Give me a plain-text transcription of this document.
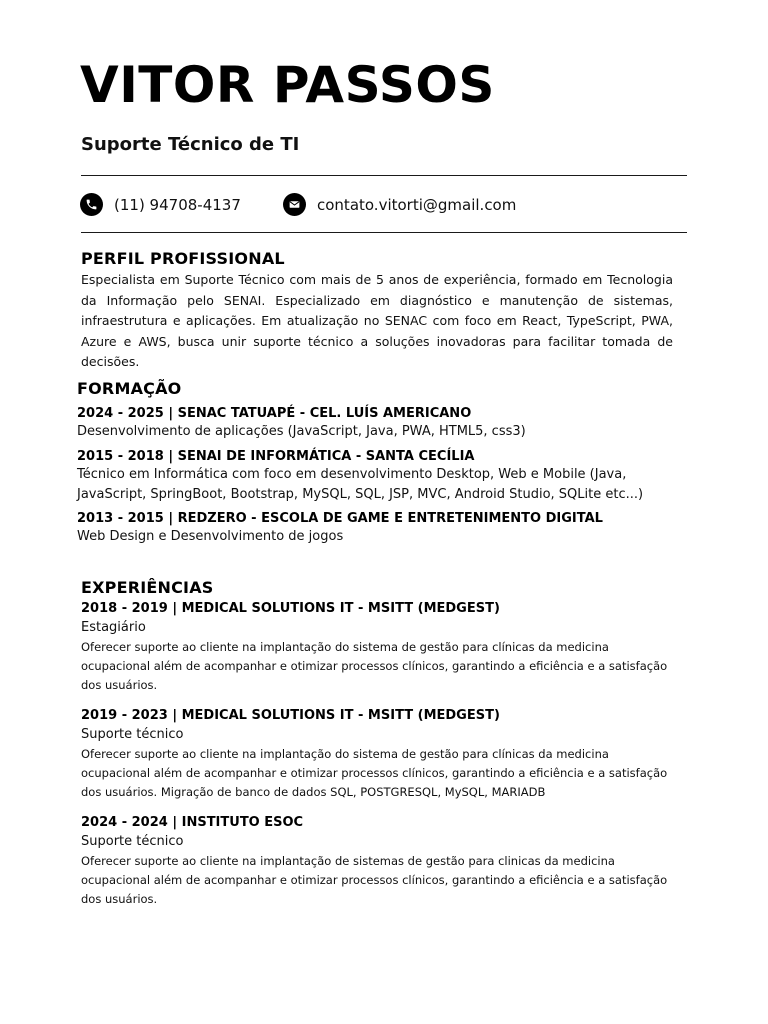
VITOR PASSOS
Suporte Técnico de TI
(11) 94708-4137	contato.vitorti@gmail.com
PERFIL PROFISSIONAL
Especialista em Suporte Técnico com mais de 5 anos de experiência, formado em Tecnologia da Informação pelo SENAI. Especializado em diagnóstico e manutenção de sistemas, infraestrutura e aplicações. Em atualização no SENAC com foco em React, TypeScript, PWA, Azure e AWS, busca unir suporte técnico a soluções inovadoras para facilitar tomada de decisões.
FORMAÇÃO
2024 - 2025 | SENAC TATUAPÉ - CEL. LUÍS AMERICANO
Desenvolvimento de aplicações (JavaScript, Java, PWA, HTML5, css3)
2015 - 2018 | SENAI DE INFORMÁTICA - SANTA CECÍLIA
Técnico em Informática com foco em desenvolvimento Desktop, Web e Mobile (Java, JavaScript, SpringBoot, Bootstrap, MySQL, SQL, JSP, MVC, Android Studio, SQLite etc...)
2013 - 2015 | REDZERO - ESCOLA DE GAME E ENTRETENIMENTO DIGITAL
Web Design e Desenvolvimento de jogos
EXPERIÊNCIAS
2018 - 2019 | MEDICAL SOLUTIONS IT - MSITT (MEDGEST)
Estagiário
Oferecer suporte ao cliente na implantação do sistema de gestão para clínicas da medicina ocupacional além de acompanhar e otimizar processos clínicos, garantindo a eficiência e a satisfação dos usuários.
2019 - 2023 | MEDICAL SOLUTIONS IT - MSITT (MEDGEST)
Suporte técnico
Oferecer suporte ao cliente na implantação do sistema de gestão para clínicas da medicina ocupacional além de acompanhar e otimizar processos clínicos, garantindo a eficiência e a satisfação dos usuários. Migração de banco de dados SQL, POSTGRESQL, MySQL, MARIADB
2024 - 2024 | INSTITUTO ESOC
Suporte técnico
Oferecer suporte ao cliente na implantação de sistemas de gestão para clinicas da medicina ocupacional além de acompanhar e otimizar processos clínicos, garantindo a eficiência e a satisfação dos usuários.
